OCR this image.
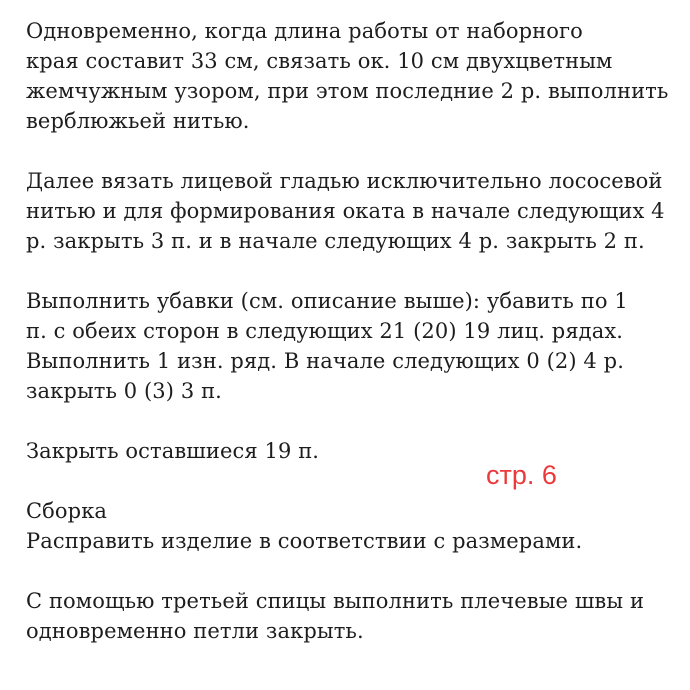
Одновременно, когда длина работы от наборного
края составит 33 см, связать ок. 10 см двухцветным
жемчужным узором, при этом последние 2 р. выполнить
верблюжьей нитью.

Далее вязать лицевой гладью исключительно лососевой
нитью и для формирования оката в начале следующих 4
р. закрыть 3 п. и в начале следующих 4 р. закрыть 2 п.

Выполнить убавки (см. описание выше): убавить по 1
п. с обеих сторон в следующих 21 (20) 19 лиц. рядах.
Выполнить 1 изн. ряд. В начале следующих 0 (2) 4 р.
закрыть 0 (3) 3 п.

Закрыть оставшиеся 19 п.

Сборка
Расправить изделие в соответствии с размерами.

С помощью третьей спицы выполнить плечевые швы и
одновременно петли закрыть.

стр. 6
